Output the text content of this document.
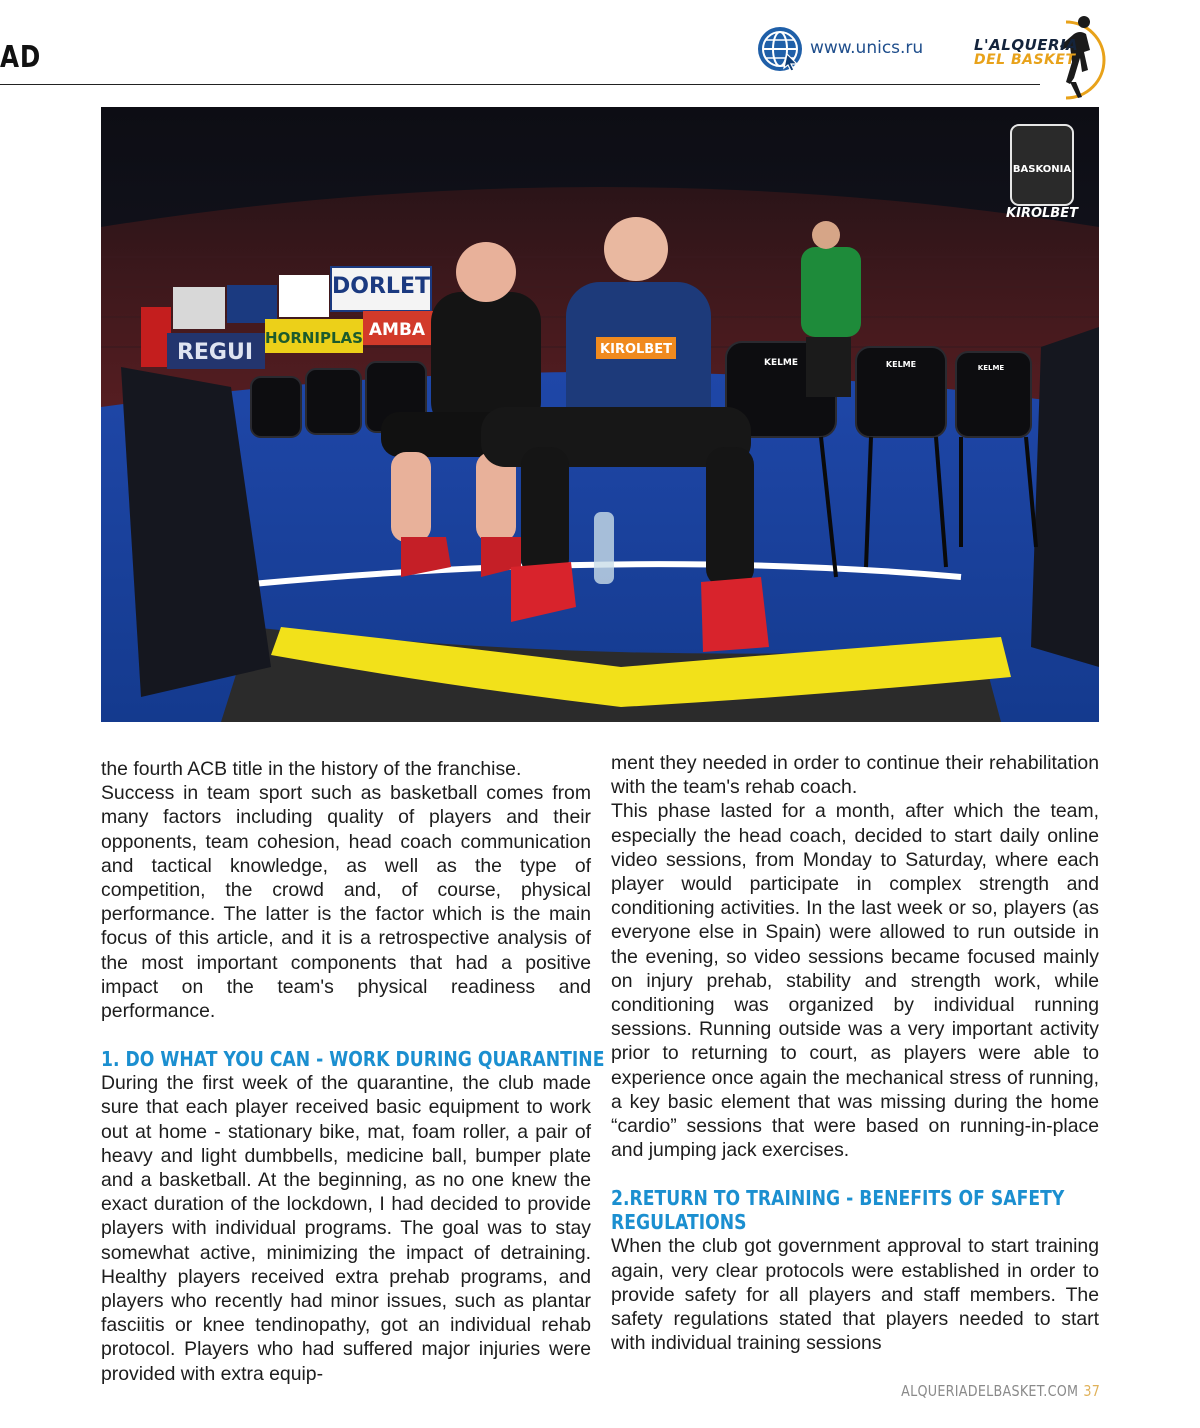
AD	www.unics.ru	L'ALQUERIA
DEL BASKET
DORLET
REGUI
HORNIPLAS AMBA
KELME	KELME	KELME
KIROLBET
BASKONIA
KIROLBET

the fourth ACB title in the history of the franchise.

Success in team sport such as basketball comes from many factors including quality of players and their opponents, team cohesion, head coach communication and tactical knowledge, as well as the type of competition, the crowd and, of course, physical performance. The latter is the factor which is the main focus of this article, and it is a retrospective analysis of the most important components that had a positive impact on the team's physical readiness and performance.

1. DO WHAT YOU CAN - WORK DURING QUARANTINE

During the first week of the quarantine, the club made sure that each player received basic equipment to work out at home - stationary bike, mat, foam roller, a pair of heavy and light dumbbells, medicine ball, bumper plate and a basketball. At the beginning, as no one knew the exact duration of the lockdown, I had decided to provide players with individual programs. The goal was to stay somewhat active, minimizing the impact of detraining. Healthy players received extra prehab programs, and players who recently had minor issues, such as plantar fasciitis or knee tendinopathy, got an individual rehab protocol. Players who had suffered major injuries were provided with extra equip-

ment they needed in order to continue their rehabilitation with the team's rehab coach.

This phase lasted for a month, after which the team, especially the head coach, decided to start daily online video sessions, from Monday to Saturday, where each player would participate in complex strength and conditioning activities. In the last week or so, players (as everyone else in Spain) were allowed to run outside in the evening, so video sessions became focused mainly on injury prehab, stability and strength work, while conditioning was organized by individual running sessions. Running outside was a very important activity prior to returning to court, as players were able to experience once again the mechanical stress of running, a key basic element that was missing during the home “cardio” sessions that were based on running-in-place and jumping jack exercises.

2.RETURN TO TRAINING - BENEFITS OF SAFETY REGULATIONS

When the club got government approval to start training again, very clear protocols were established in order to provide safety for all players and staff members. The safety regulations stated that players needed to start with individual training sessions

ALQUERIADELBASKET.COM 37
